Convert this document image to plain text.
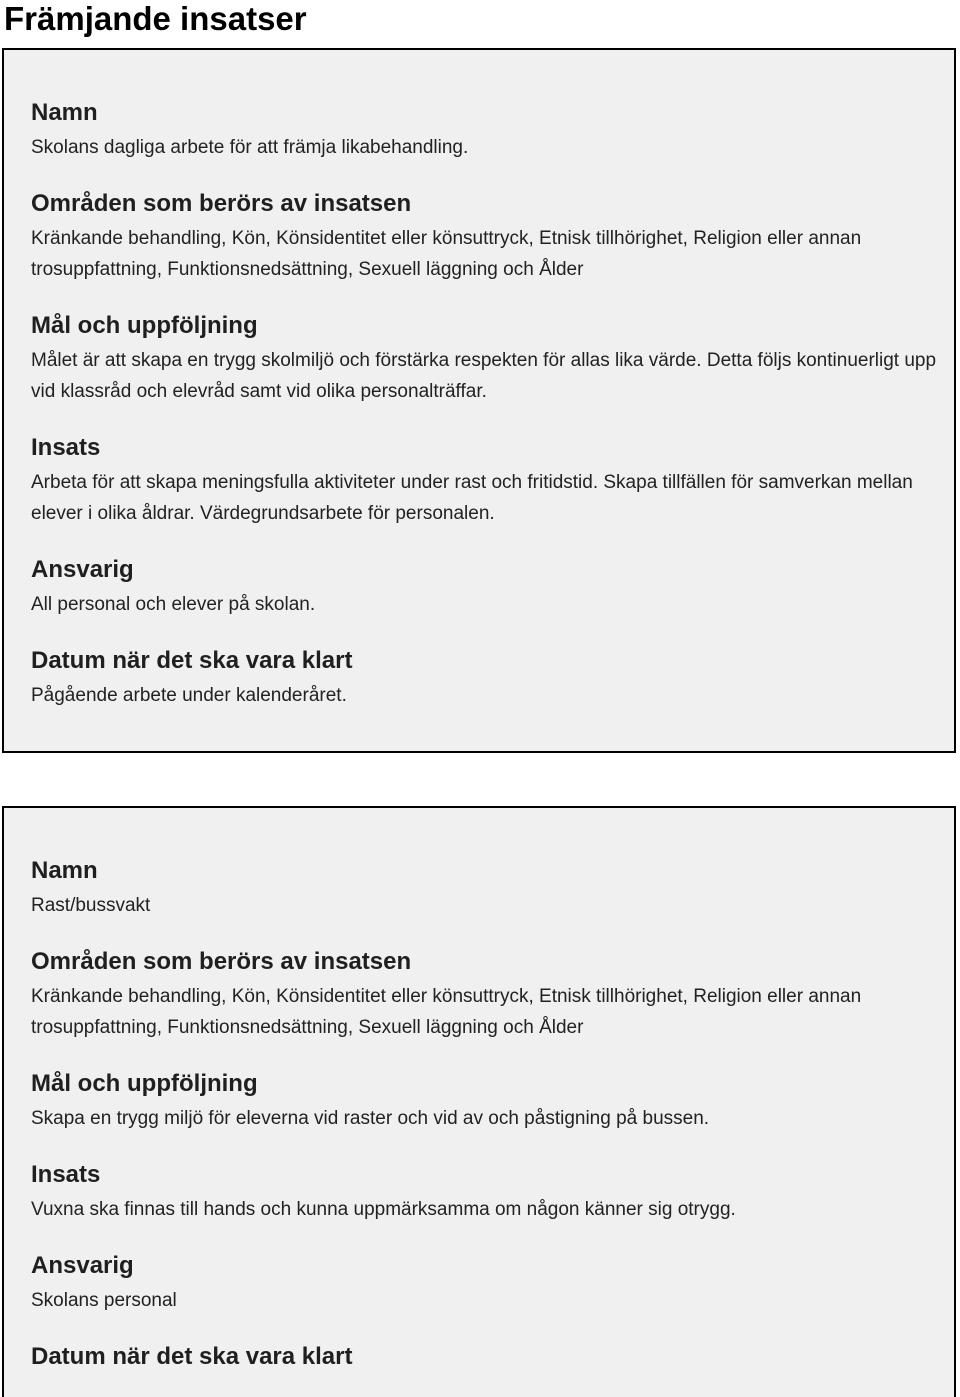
Främjande insatser
Namn

Skolans dagliga arbete för att främja likabehandling.

Områden som berörs av insatsen

Kränkande behandling, Kön, Könsidentitet eller könsuttryck, Etnisk tillhörighet, Religion eller annan trosuppfattning, Funktionsnedsättning, Sexuell läggning och Ålder

Mål och uppföljning

Målet är att skapa en trygg skolmiljö och förstärka respekten för allas lika värde. Detta följs kontinuerligt upp vid klassråd och elevråd samt vid olika personalträffar.

Insats

Arbeta för att skapa meningsfulla aktiviteter under rast och fritidstid. Skapa tillfällen för samverkan mellan elever i olika åldrar. Värdegrundsarbete för personalen.

Ansvarig

All personal och elever på skolan.

Datum när det ska vara klart

Pågående arbete under kalenderåret.

Namn

Rast/bussvakt

Områden som berörs av insatsen

Kränkande behandling, Kön, Könsidentitet eller könsuttryck, Etnisk tillhörighet, Religion eller annan trosuppfattning, Funktionsnedsättning, Sexuell läggning och Ålder

Mål och uppföljning

Skapa en trygg miljö för eleverna vid raster och vid av och påstigning på bussen.

Insats

Vuxna ska finnas till hands och kunna uppmärksamma om någon känner sig otrygg.

Ansvarig

Skolans personal

Datum när det ska vara klart
